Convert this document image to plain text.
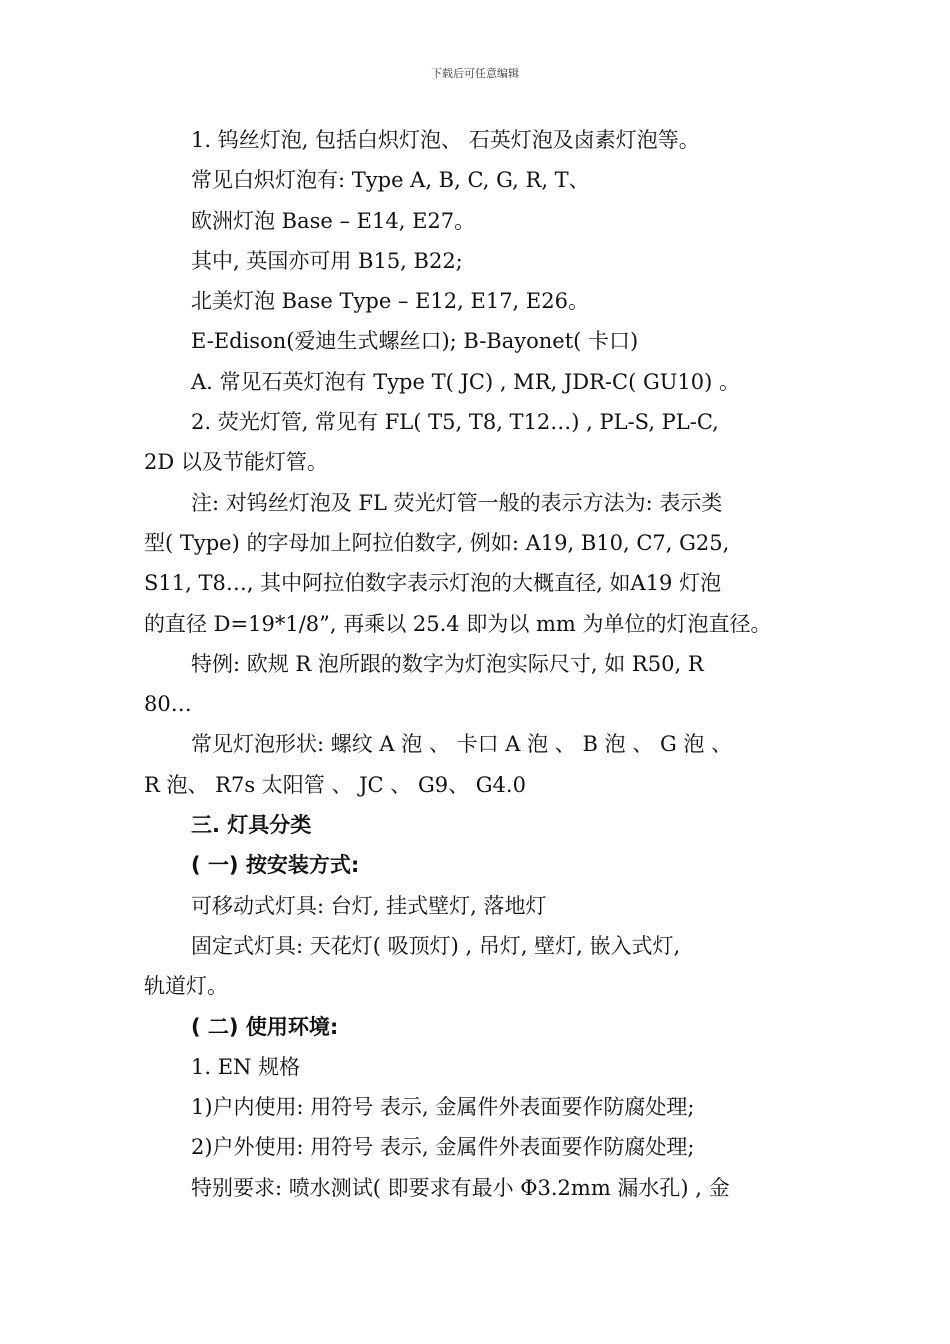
下载后可任意编辑

1. 钨丝灯泡, 包括白炽灯泡、 石英灯泡及卤素灯泡等。

常见白炽灯泡有: Type A, B, C, G, R, T、

欧洲灯泡 Base – E14, E27。

其中, 英国亦可用 B15, B22;

北美灯泡 Base Type – E12, E17, E26。

E-Edison(爱迪生式螺丝口); B-Bayonet( 卡口)

A. 常见石英灯泡有 Type T( JC) , MR, JDR-C( GU10) 。

2. 荧光灯管, 常见有 FL( T5, T8, T12…) , PL-S, PL-C,

2D 以及节能灯管。

注: 对钨丝灯泡及 FL 荧光灯管一般的表示方法为: 表示类

型( Type) 的字母加上阿拉伯数字, 例如: A19, B10, C7, G25,

S11, T8…, 其中阿拉伯数字表示灯泡的大概直径, 如A19 灯泡

的直径 D=19*1/8”, 再乘以 25.4 即为以 mm 为单位的灯泡直径。

特例: 欧规 R 泡所跟的数字为灯泡实际尺寸, 如 R50, R

80…

常见灯泡形状: 螺纹 A 泡 、 卡口 A 泡 、 B 泡 、 G 泡 、

R 泡、 R7s 太阳管 、 JC 、 G9、 G4.0

三. 灯具分类

( 一) 按安装方式:

可移动式灯具: 台灯, 挂式壁灯, 落地灯

固定式灯具: 天花灯( 吸顶灯) , 吊灯, 壁灯, 嵌入式灯,

轨道灯。

( 二) 使用环境:

1. EN 规格

1)户内使用: 用符号 表示, 金属件外表面要作防腐处理;

2)户外使用: 用符号 表示, 金属件外表面要作防腐处理;

特别要求: 喷水测试( 即要求有最小 Φ3.2mm 漏水孔) , 金
